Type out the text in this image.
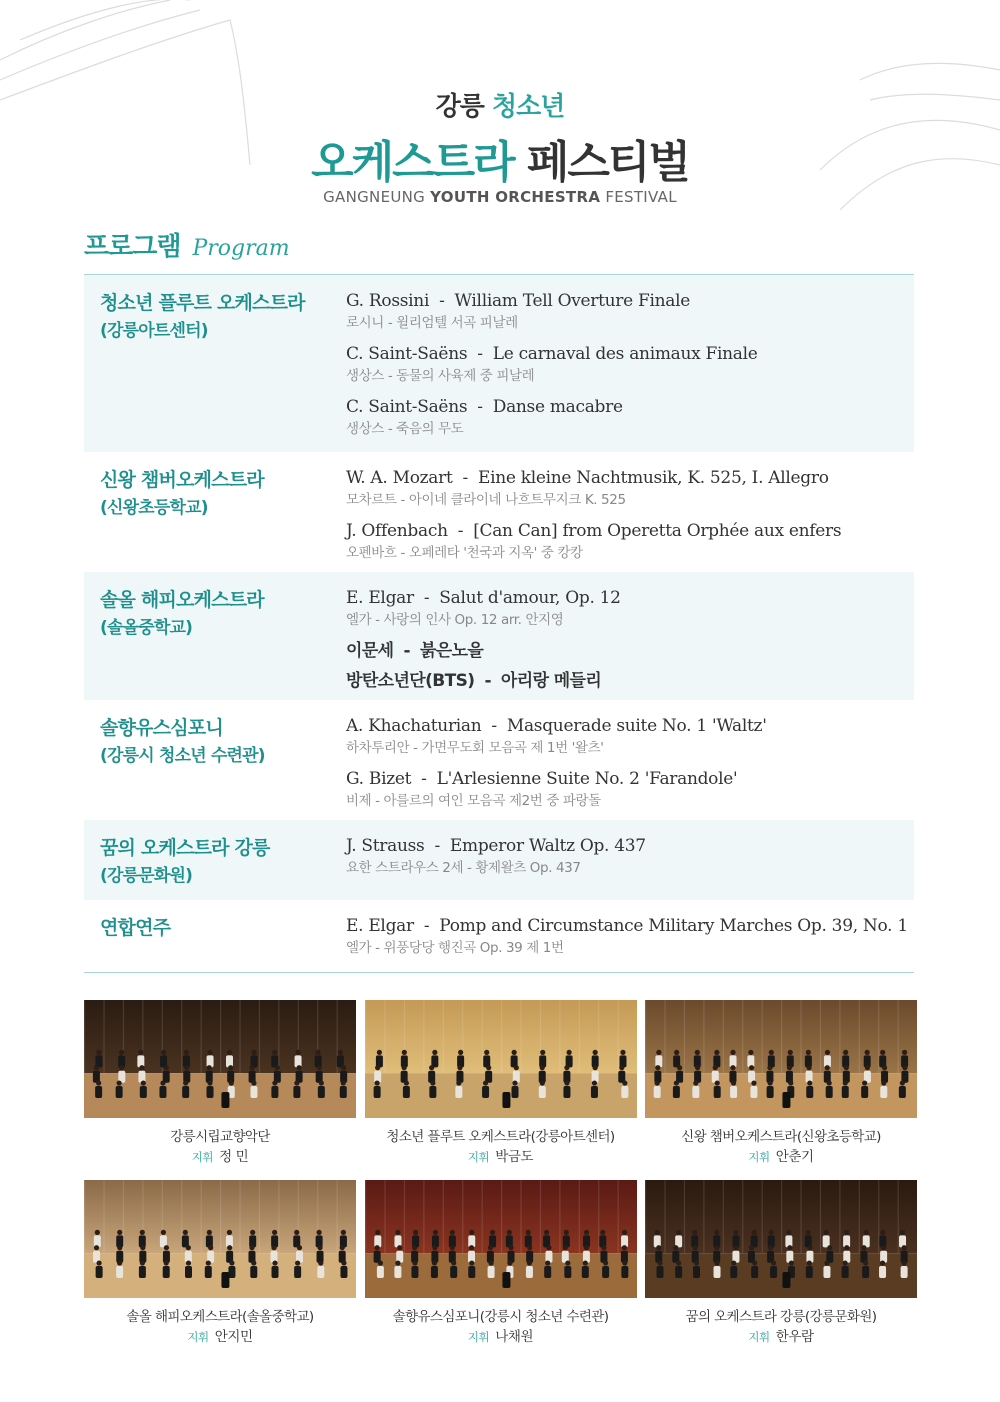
강릉 청소년
오케스트라 페스티벌
GANGNEUNG YOUTH ORCHESTRA FESTIVAL
프로그램 Program
청소년 플루트 오케스트라
(강릉아트센터)
G. Rossini - William Tell Overture Finale
로시니 - 윌리엄텔 서곡 피날레
C. Saint-Saëns - Le carnaval des animaux Finale
생상스 - 동물의 사육제 중 피날레
C. Saint-Saëns - Danse macabre
생상스 - 죽음의 무도
신왕 챔버오케스트라
(신왕초등학교)
W. A. Mozart - Eine kleine Nachtmusik, K. 525, I. Allegro
모차르트 - 아이네 클라이네 나흐트무지크 K. 525
J. Offenbach - [Can Can] from Operetta Orphée aux enfers
오펜바흐 - 오페레타 '천국과 지옥' 중 캉캉
솔올 해피오케스트라
(솔올중학교)
E. Elgar - Salut d'amour, Op. 12
엘가 - 사랑의 인사 Op. 12 arr. 안지영
이문세 - 붉은노을
방탄소년단(BTS) - 아리랑 메들리
솔향유스심포니
(강릉시 청소년 수련관)
A. Khachaturian - Masquerade suite No. 1 'Waltz'
하차투리안 - 가면무도회 모음곡 제 1번 '왈츠'
G. Bizet - L'Arlesienne Suite No. 2 'Farandole'
비제 - 아를르의 여인 모음곡 제2번 중 파랑돌
꿈의 오케스트라 강릉
(강릉문화원)
J. Strauss - Emperor Waltz Op. 437
요한 스트라우스 2세 - 황제왈츠 Op. 437
연합연주	E. Elgar - Pomp and Circumstance Military Marches Op. 39, No. 1
엘가 - 위풍당당 행진곡 Op. 39 제 1번
강릉시립교향악단
지휘 정 민
청소년 플루트 오케스트라(강릉아트센터)
지휘 박금도
신왕 챔버오케스트라(신왕초등학교)
지휘 안춘기
솔올 해피오케스트라(솔올중학교)
지휘 안지민
솔향유스심포니(강릉시 청소년 수련관)
지휘 나채원
꿈의 오케스트라 강릉(강릉문화원)
지휘 한우람
